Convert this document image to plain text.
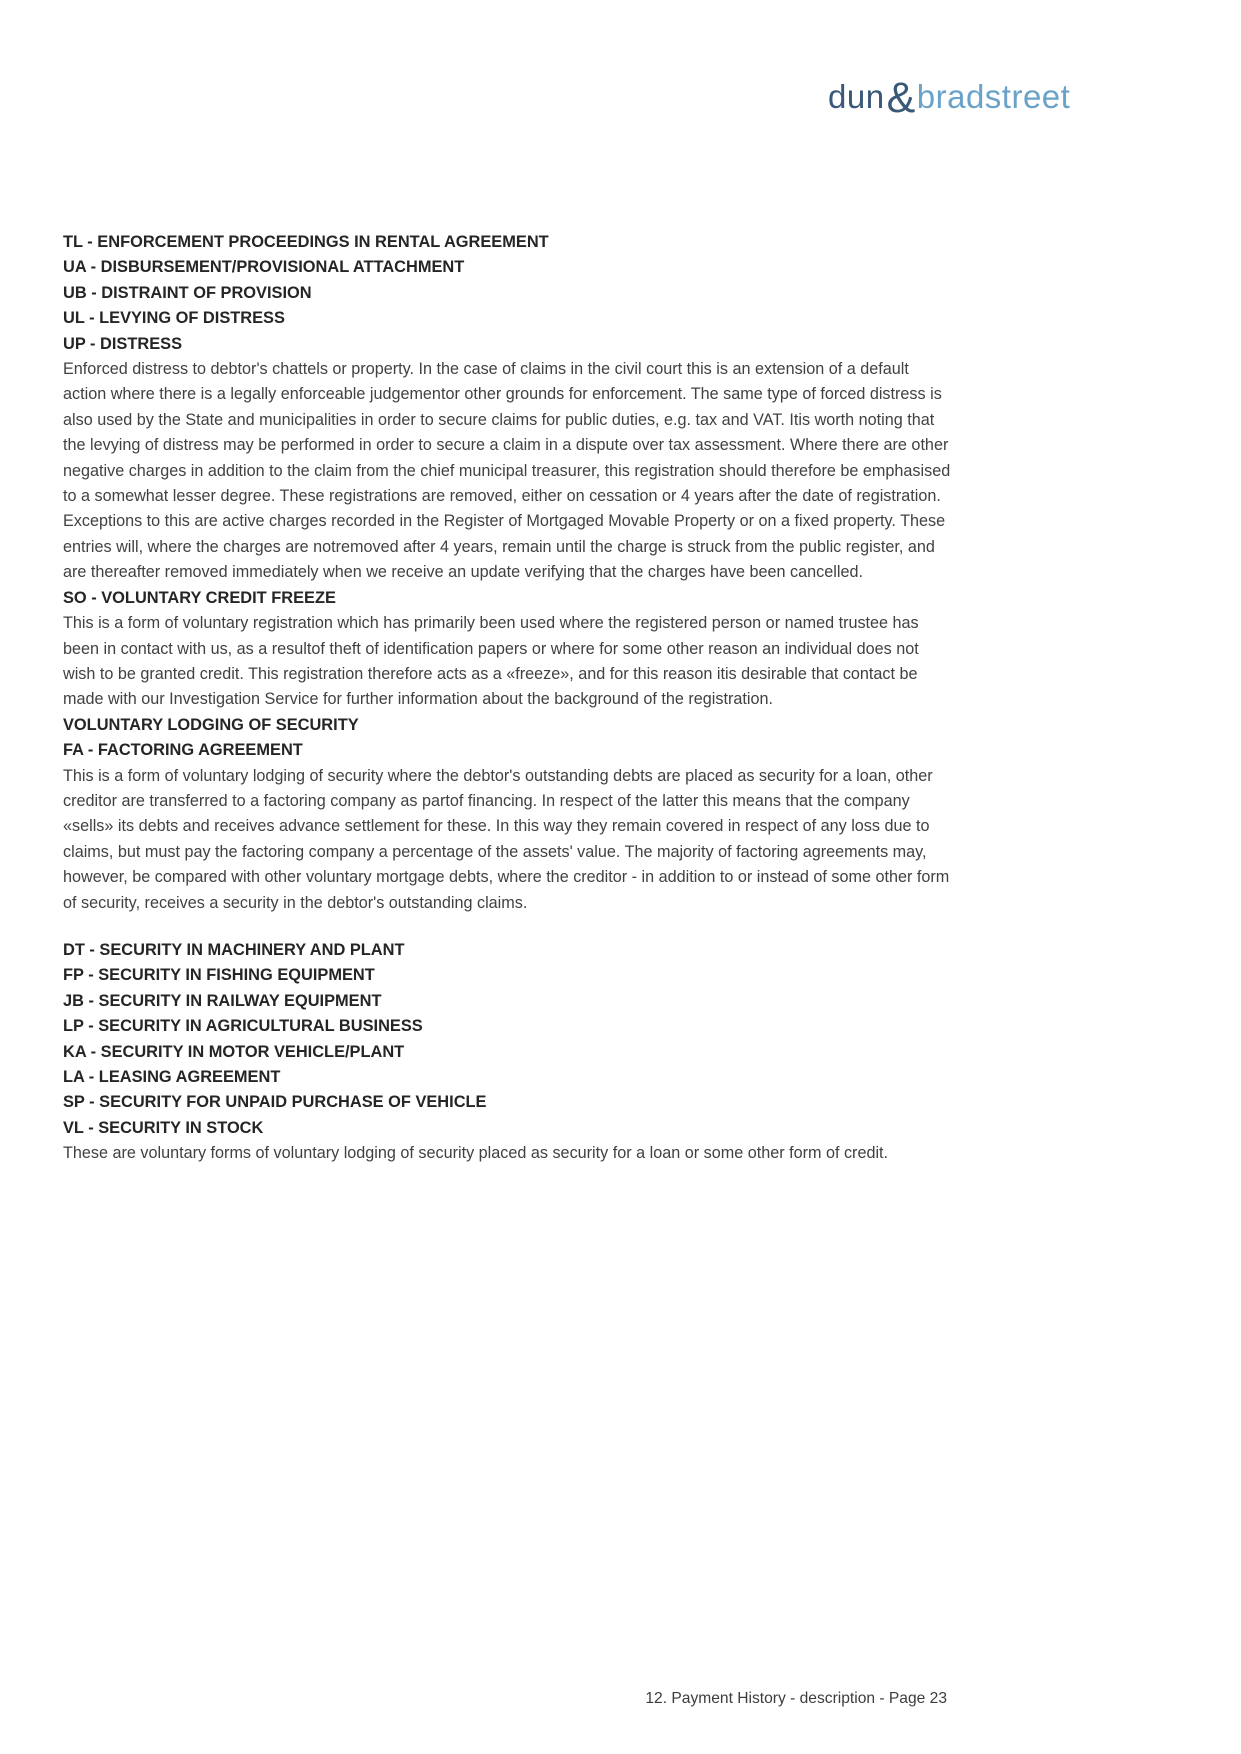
dun&bradstreet
TL - ENFORCEMENT PROCEEDINGS IN RENTAL AGREEMENT
UA - DISBURSEMENT/PROVISIONAL ATTACHMENT
UB - DISTRAINT OF PROVISION
UL - LEVYING OF DISTRESS
UP - DISTRESS

Enforced distress to debtor's chattels or property. In the case of claims in the civil court this is an extension of a default action where there is a legally enforceable judgementor other grounds for enforcement. The same type of forced distress is also used by the State and municipalities in order to secure claims for public duties, e.g. tax and VAT. Itis worth noting that the levying of distress may be performed in order to secure a claim in a dispute over tax assessment. Where there are other negative charges in addition to the claim from the chief municipal treasurer, this registration should therefore be emphasised to a somewhat lesser degree. These registrations are removed, either on cessation or 4 years after the date of registration. Exceptions to this are active charges recorded in the Register of Mortgaged Movable Property or on a fixed property. These entries will, where the charges are notremoved after 4 years, remain until the charge is struck from the public register, and are thereafter removed immediately when we receive an update verifying that the charges have been cancelled.

SO - VOLUNTARY CREDIT FREEZE

This is a form of voluntary registration which has primarily been used where the registered person or named trustee has been in contact with us, as a resultof theft of identification papers or where for some other reason an individual does not wish to be granted credit. This registration therefore acts as a «freeze», and for this reason itis desirable that contact be made with our Investigation Service for further information about the background of the registration.

VOLUNTARY LODGING OF SECURITY
FA - FACTORING AGREEMENT

This is a form of voluntary lodging of security where the debtor's outstanding debts are placed as security for a loan, other creditor are transferred to a factoring company as partof financing. In respect of the latter this means that the company «sells» its debts and receives advance settlement for these. In this way they remain covered in respect of any loss due to claims, but must pay the factoring company a percentage of the assets' value. The majority of factoring agreements may, however, be compared with other voluntary mortgage debts, where the creditor - in addition to or instead of some other form of security, receives a security in the debtor's outstanding claims.

DT - SECURITY IN MACHINERY AND PLANT
FP - SECURITY IN FISHING EQUIPMENT
JB - SECURITY IN RAILWAY EQUIPMENT
LP - SECURITY IN AGRICULTURAL BUSINESS
KA - SECURITY IN MOTOR VEHICLE/PLANT
LA - LEASING AGREEMENT
SP - SECURITY FOR UNPAID PURCHASE OF VEHICLE
VL - SECURITY IN STOCK

These are voluntary forms of voluntary lodging of security placed as security for a loan or some other form of credit.

12. Payment History - description - Page 23
